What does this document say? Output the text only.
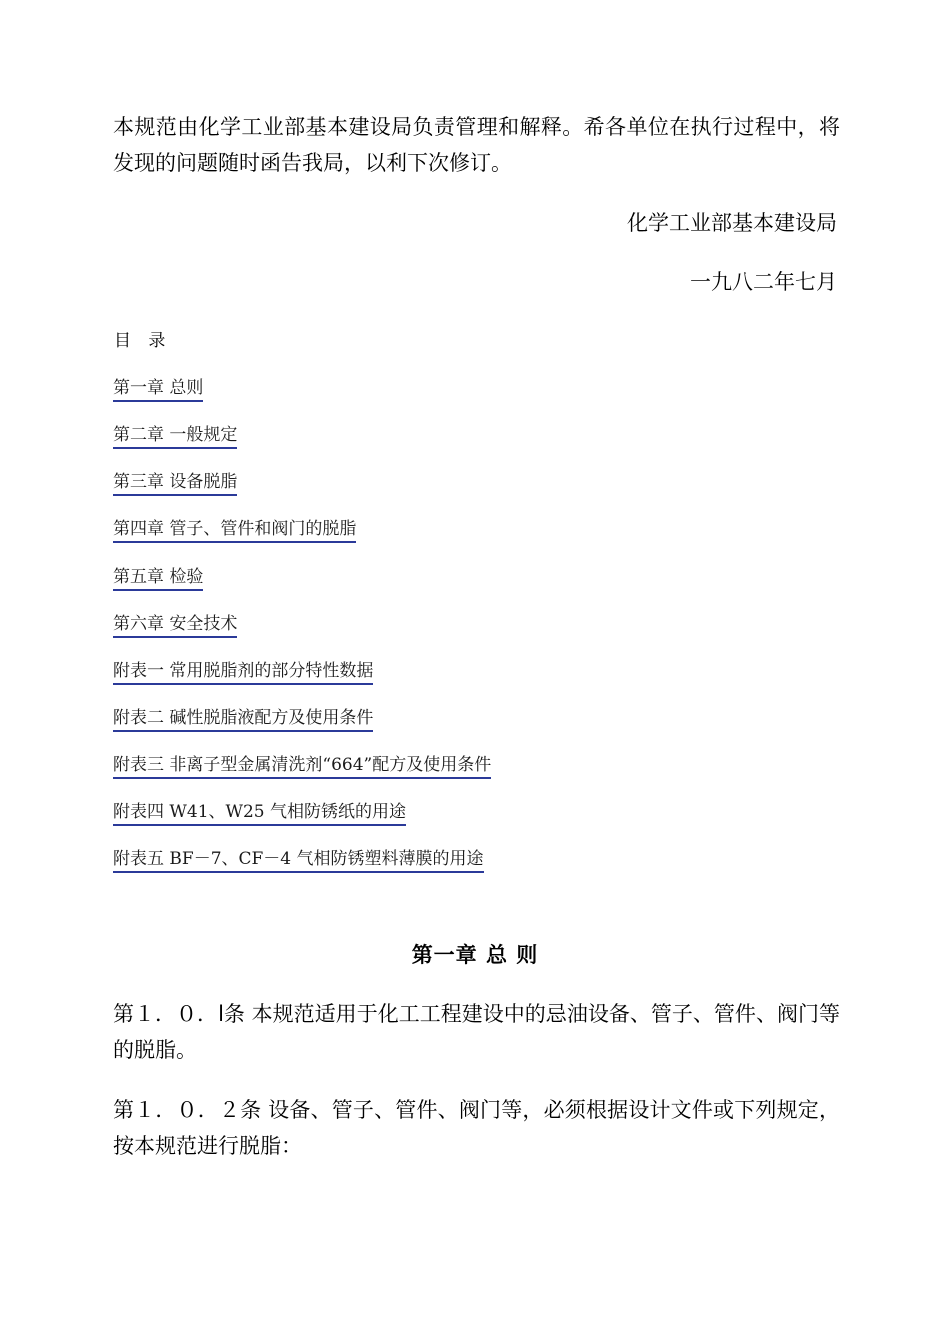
本规范由化学工业部基本建设局负责管理和解释。希各单位在执行过程中，将发现的问题随时函告我局，以利下次修订。

化学工业部基本建设局

一九八二年七月

目 录

第一章 总则
第二章 一般规定
第三章 设备脱脂
第四章 管子、管件和阀门的脱脂
第五章 检验
第六章 安全技术
附表一 常用脱脂剂的部分特性数据
附表二 碱性脱脂液配方及使用条件
附表三 非离子型金属清洗剂“664”配方及使用条件
附表四 W41、W25 气相防锈纸的用途
附表五 BF－7、CF－4 气相防锈塑料薄膜的用途

第一章 总 则

第１．０．l条 本规范适用于化工工程建设中的忌油设备、管子、管件、阀门等的脱脂。

第１．０．２条 设备、管子、管件、阀门等，必须根据设计文件或下列规定，按本规范进行脱脂：
